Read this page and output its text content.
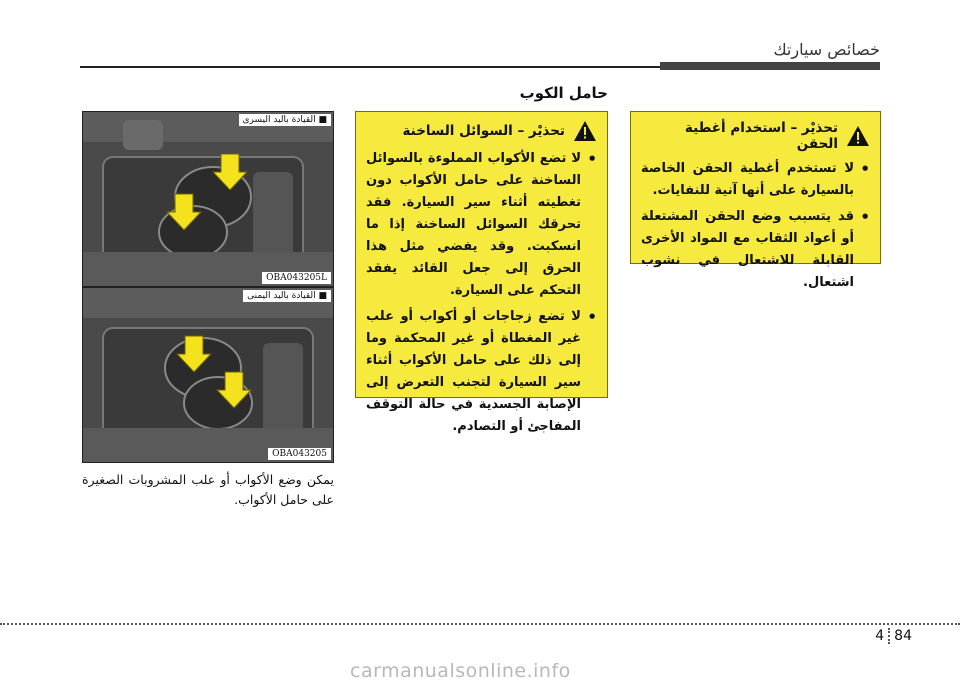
خصائص سيارتك
حامل الكوب
تحذيْر – استخدام أغطية الحقن
• لا تستخدم أغطية الحقن الخاصة بالسيارة على أنها آنية للنفايات.
• قد يتسبب وضع الحقن المشتعلة أو أعواد الثقاب مع المواد الأخرى القابلة للاشتعال في نشوب اشتعال.
تحذيْر – السوائل الساخنة
• لا تضع الأكواب المملوءة بالسوائل الساخنة على حامل الأكواب دون تغطيته أثناء سير السيارة. فقد تحرقك السوائل الساخنة إذا ما انسكبت. وقد يفضي مثل هذا الحرق إلى جعل القائد يفقد التحكم على السيارة.
• لا تضع زجاجات أو أكواب أو علب غير المغطاة أو غير المحكمة وما إلى ذلك على حامل الأكواب أثناء سير السيارة لتجنب التعرض إلى الإصابة الجسدية في حالة التوقف المفاجئ أو التصادم.
■ القيادة باليد اليسرى
OBA043205L
■ القيادة باليد اليمنى
OBA043205
يمكن وضع الأكواب أو علب المشروبات الصغيرة على حامل الأكواب.
4 84
carmanualsonline.info
